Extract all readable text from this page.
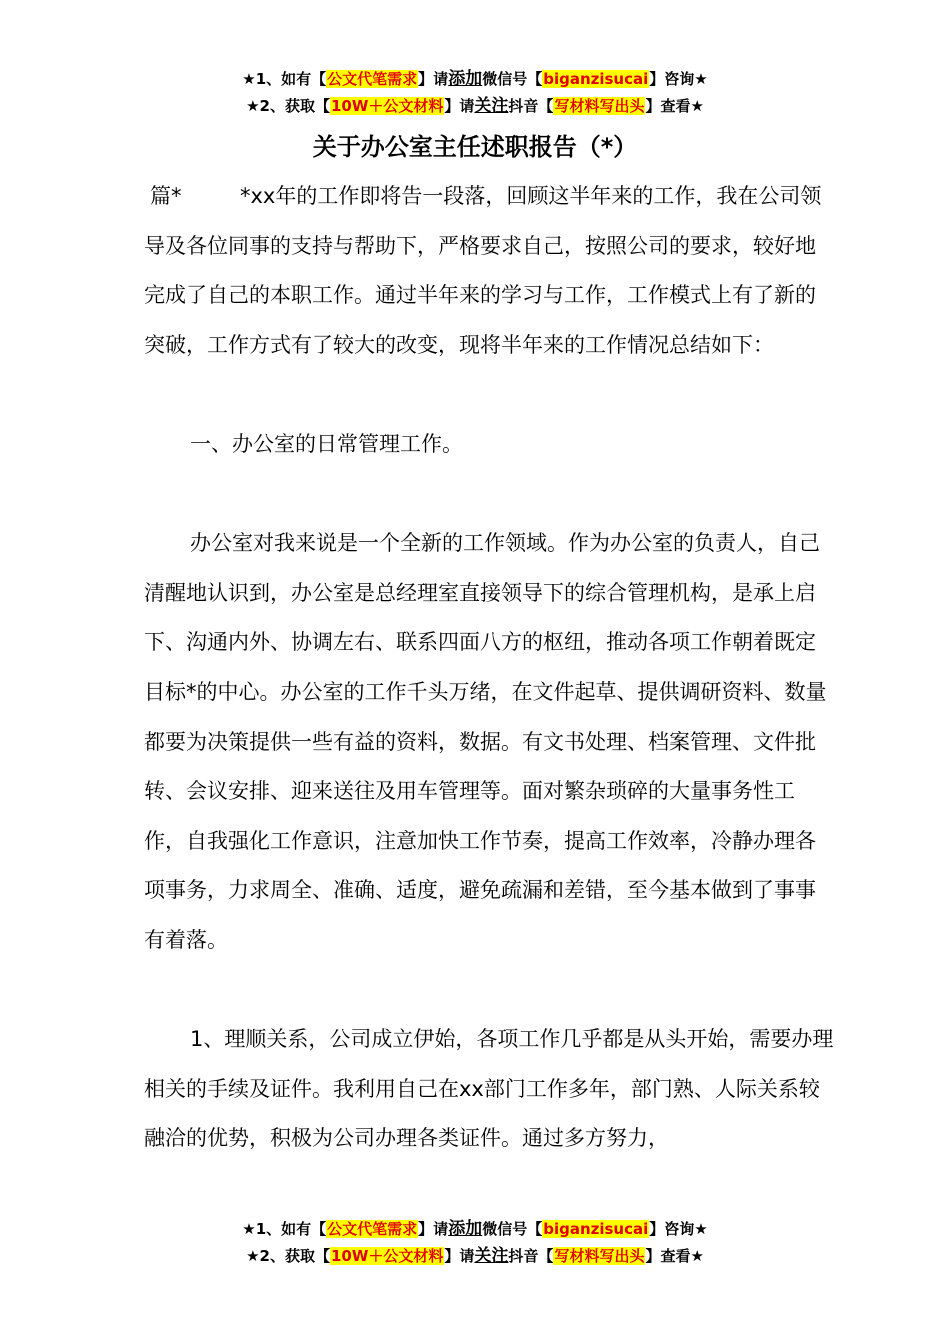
★1、如有【公文代笔需求】请添加微信号【biganzisucai】咨询★
★2、获取【10W＋公文材料】请关注抖音【写材料写出头】查看★
关于办公室主任述职报告（*）

篇*	*xx年的工作即将告一段落，回顾这半年来的工作，我在公司领导及各位同事的支持与帮助下，严格要求自己，按照公司的要求，较好地完成了自己的本职工作。通过半年来的学习与工作，工作模式上有了新的突破，工作方式有了较大的改变，现将半年来的工作情况总结如下：

一、办公室的日常管理工作。

办公室对我来说是一个全新的工作领域。作为办公室的负责人，自己清醒地认识到，办公室是总经理室直接领导下的综合管理机构，是承上启下、沟通内外、协调左右、联系四面八方的枢纽，推动各项工作朝着既定目标*的中心。办公室的工作千头万绪，在文件起草、提供调研资料、数量都要为决策提供一些有益的资料，数据。有文书处理、档案管理、文件批转、会议安排、迎来送往及用车管理等。面对繁杂琐碎的大量事务性工作，自我强化工作意识，注意加快工作节奏，提高工作效率，冷静办理各项事务，力求周全、准确、适度，避免疏漏和差错，至今基本做到了事事有着落。

1、理顺关系，公司成立伊始，各项工作几乎都是从头开始，需要办理相关的手续及证件。我利用自己在xx部门工作多年，部门熟、人际关系较融洽的优势，积极为公司办理各类证件。通过多方努力，

★1、如有【公文代笔需求】请添加微信号【biganzisucai】咨询★
★2、获取【10W＋公文材料】请关注抖音【写材料写出头】查看★
